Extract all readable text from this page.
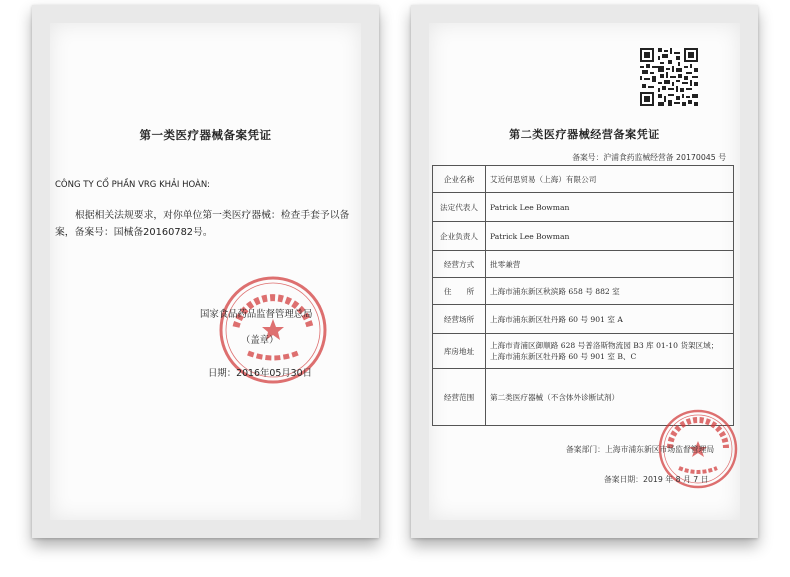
第一类医疗器械备案凭证
CÔNG TY CỔ PHẦN VRG KHẢI HOÀN:
根据相关法规要求，对你单位第一类医疗器械：检查手套予以备案，备案号：国械备20160782号。
国家食品药品监督管理总局
（盖章）
日期：2016年05月30日
第二类医疗器械经营备案凭证
备案号：沪浦食药监械经营备 20170045 号
企业名称	艾近何思贸易（上海）有限公司
法定代表人	Patrick Lee Bowman
企业负责人	Patrick Lee Bowman
经营方式	批零兼营
住　　所	上海市浦东新区秋滨路 658 号 882 室
经营场所	上海市浦东新区牡丹路 60 号 901 室 A
库房地址	上海市青浦区御顺路 628 号普洛斯物流园 B3 库 01-10 货架区域；
上海市浦东新区牡丹路 60 号 901 室 B、C

经营范围	第二类医疗器械（不含体外诊断试剂）
备案部门：上海市浦东新区市场监督管理局
备案日期：2019 年 8 月 7 日
